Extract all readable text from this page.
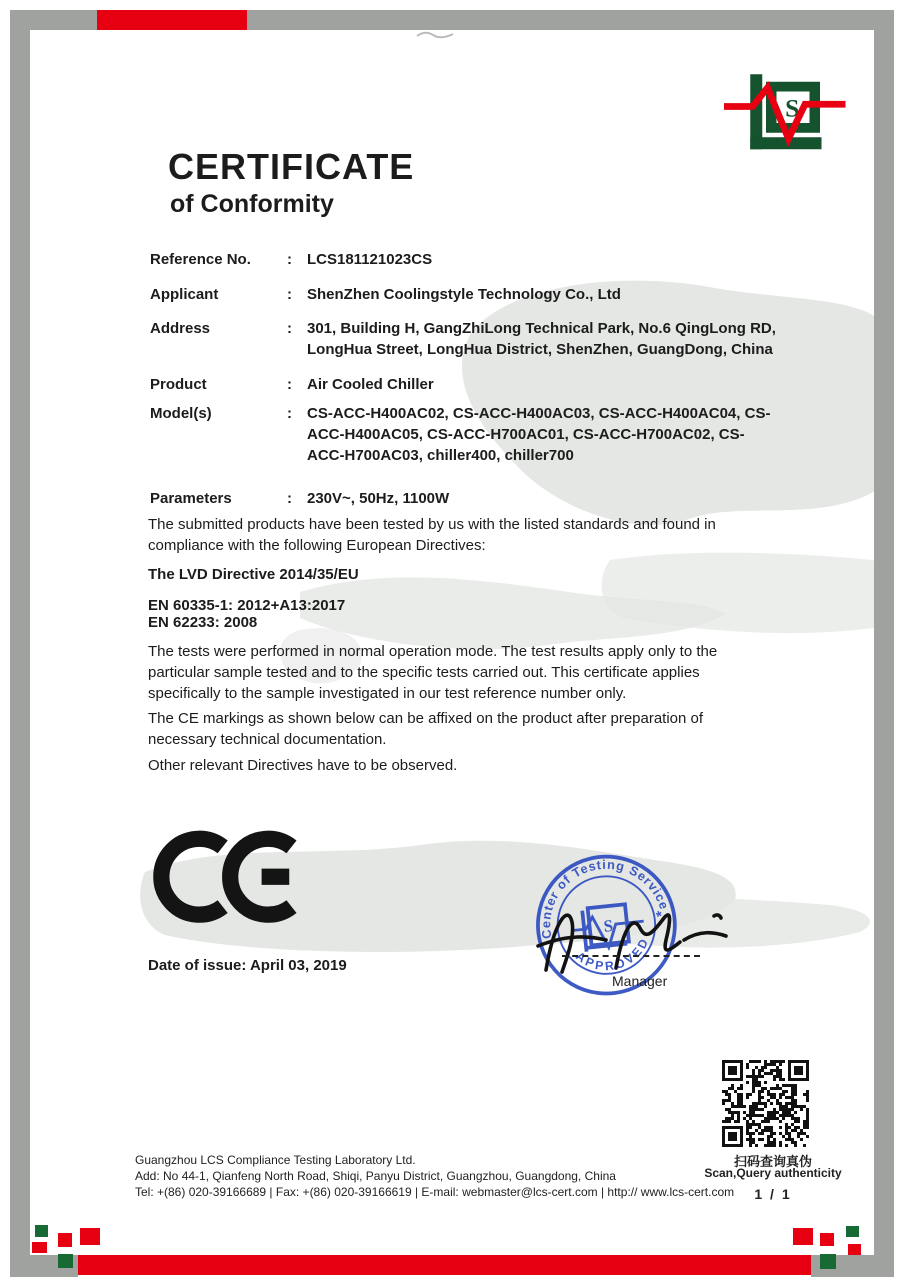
S
CERTIFICATE
of Conformity
Reference No.	:	LCS181121023CS
Applicant	:	ShenZhen Coolingstyle Technology Co., Ltd
Address	:	301, Building H, GangZhiLong Technical Park, No.6 QingLong RD, LongHua Street, LongHua District, ShenZhen, GuangDong, China
Product	:	Air Cooled Chiller
Model(s)	:	CS-ACC-H400AC02, CS-ACC-H400AC03, CS-ACC-H400AC04, CS-ACC-H400AC05, CS-ACC-H700AC01, CS-ACC-H700AC02, CS-ACC-H700AC03, chiller400, chiller700
Parameters	:	230V~, 50Hz, 1100W
The submitted products have been tested by us with the listed standards and found in compliance with the following European Directives:
The LVD Directive 2014/35/EU
EN 60335-1: 2012+A13:2017
EN 62233: 2008
The tests were performed in normal operation mode. The test results apply only to the particular sample tested and to the specific tests carried out. This certificate applies specifically to the sample investigated in our test reference number only.
The CE markings as shown below can be affixed on the product after preparation of necessary technical documentation.
Other relevant Directives have to be observed.
Date of issue: April 03, 2019
Center of Testing Service
APPROVED
*
*
S
Manager
Guangzhou LCS Compliance Testing Laboratory Ltd.
Add: No 44-1, Qianfeng North Road, Shiqi, Panyu District, Guangzhou, Guangdong, China
Tel: +(86) 020-39166689 | Fax: +(86) 020-39166619 | E-mail: webmaster@lcs-cert.com | http:// www.lcs-cert.com
扫码查询真伪
Scan,Query authenticity
1 / 1
